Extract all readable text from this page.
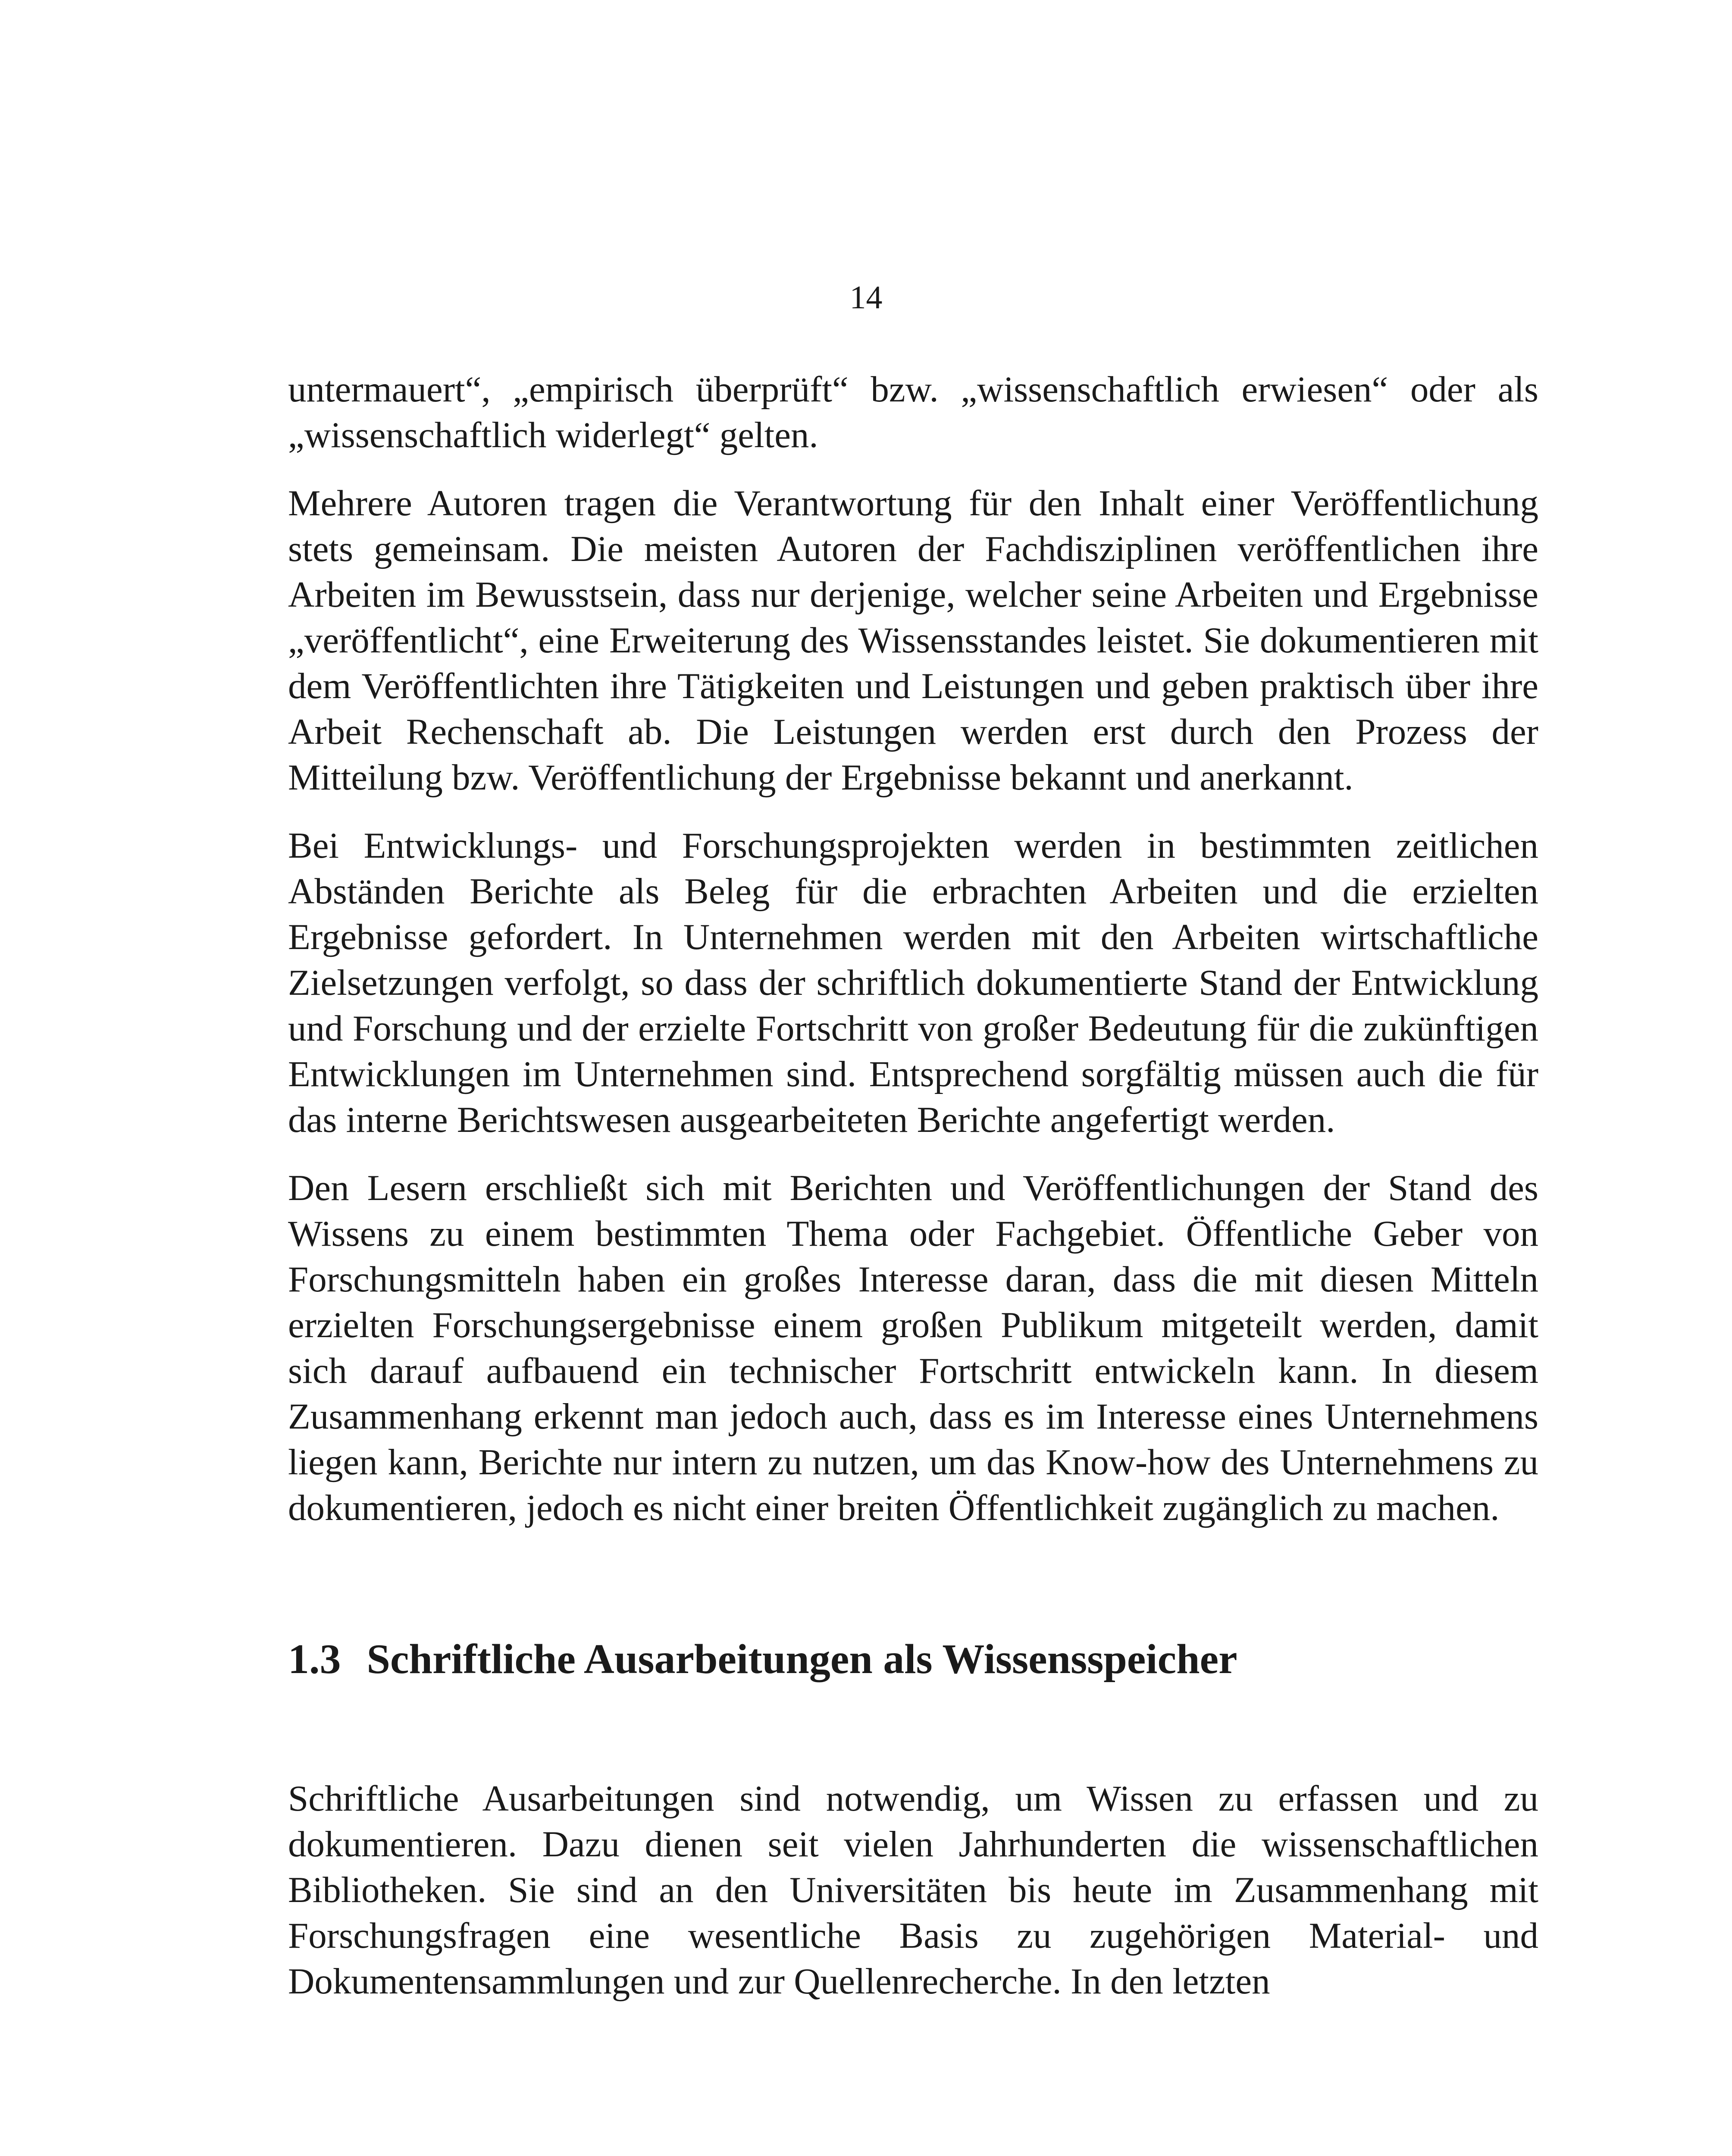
14

untermauert“, „empirisch überprüft“ bzw. „wissenschaftlich erwiesen“ oder als „wissenschaftlich widerlegt“ gelten.

Mehrere Autoren tragen die Verantwortung für den Inhalt einer Veröffentlichung stets gemeinsam. Die meisten Autoren der Fachdisziplinen veröffentlichen ihre Arbeiten im Bewusstsein, dass nur derjenige, welcher seine Arbeiten und Ergebnisse „veröffentlicht“, eine Erweiterung des Wissensstandes leistet. Sie dokumentieren mit dem Veröffentlichten ihre Tätigkeiten und Leistungen und geben praktisch über ihre Arbeit Rechenschaft ab. Die Leistungen werden erst durch den Prozess der Mitteilung bzw. Veröffentlichung der Ergebnisse bekannt und anerkannt.

Bei Entwicklungs- und Forschungsprojekten werden in bestimmten zeitlichen Abständen Berichte als Beleg für die erbrachten Arbeiten und die erzielten Ergebnisse gefordert. In Unternehmen werden mit den Arbeiten wirtschaftliche Zielsetzungen verfolgt, so dass der schriftlich dokumentierte Stand der Entwicklung und Forschung und der erzielte Fortschritt von großer Bedeutung für die zukünftigen Entwicklungen im Unternehmen sind. Entsprechend sorgfältig müssen auch die für das interne Berichtswesen ausgearbeiteten Berichte angefertigt werden.

Den Lesern erschließt sich mit Berichten und Veröffentlichungen der Stand des Wissens zu einem bestimmten Thema oder Fachgebiet. Öffentliche Geber von Forschungsmitteln haben ein großes Interesse daran, dass die mit diesen Mitteln erzielten Forschungsergebnisse einem großen Publikum mitgeteilt werden, damit sich darauf aufbauend ein technischer Fortschritt entwickeln kann. In diesem Zusammenhang erkennt man jedoch auch, dass es im Interesse eines Unternehmens liegen kann, Berichte nur intern zu nutzen, um das Know-how des Unternehmens zu dokumentieren, jedoch es nicht einer breiten Öffentlichkeit zugänglich zu machen.

1.3 Schriftliche Ausarbeitungen als Wissensspeicher

Schriftliche Ausarbeitungen sind notwendig, um Wissen zu erfassen und zu dokumentieren. Dazu dienen seit vielen Jahrhunderten die wissenschaftlichen Bibliotheken. Sie sind an den Universitäten bis heute im Zusammenhang mit Forschungsfragen eine wesentliche Basis zu zugehörigen Material- und Dokumentensammlungen und zur Quellenrecherche. In den letzten
